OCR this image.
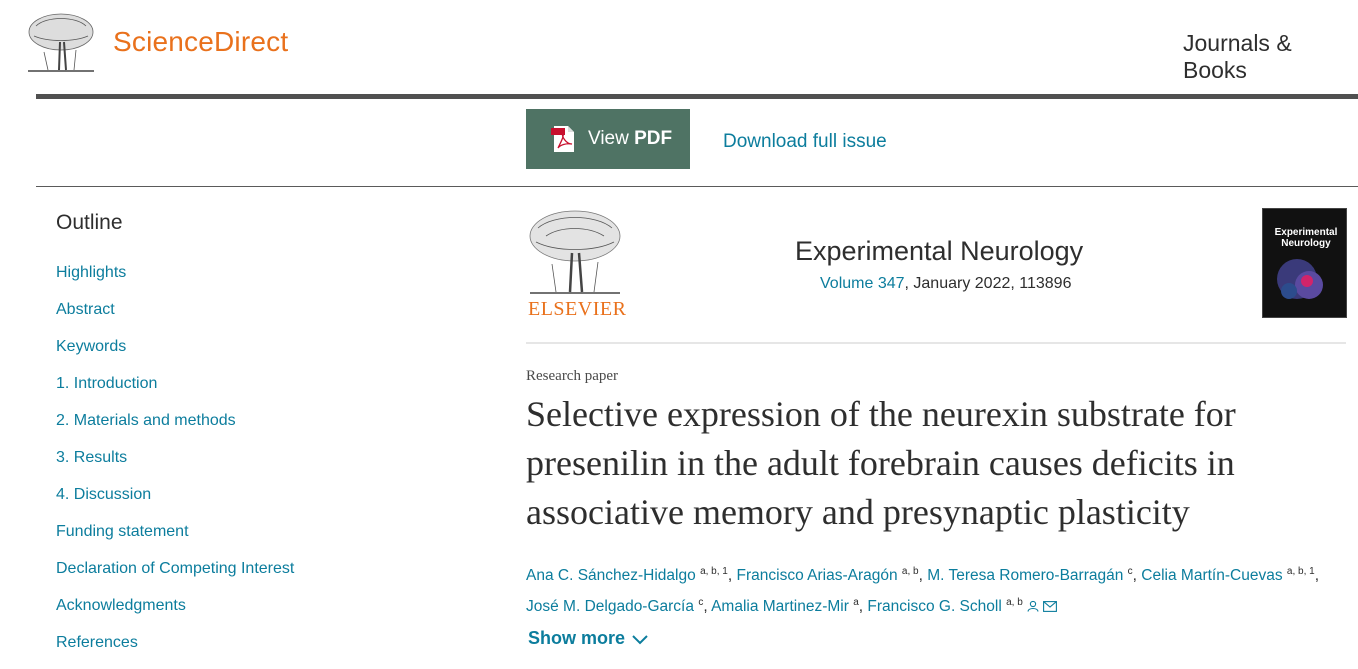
ScienceDirect	Journals & Books
View PDF	Download full issue
Outline
Highlights
Abstract
Keywords
1. Introduction
2. Materials and methods
3. Results
4. Discussion
Funding statement
Declaration of Competing Interest
Acknowledgments
References
ELSEVIER
Experimental Neurology
Volume 347, January 2022, 113896
Experimental Neurology
Research paper
Selective expression of the neurexin substrate for presenilin in the adult forebrain causes deficits in associative memory and presynaptic plasticity
Ana C. Sánchez-Hidalgo $^{a, b, 1}$, Francisco Arias-Aragón $^{a, b}$, M. Teresa Romero-Barragán $^c$, Celia Martín-Cuevas $^{a, b, 1}$, José M. Delgado-García $^c$, Amalia Martinez-Mir $^a$, Francisco G. Scholl $^{a, b}$
Show more
